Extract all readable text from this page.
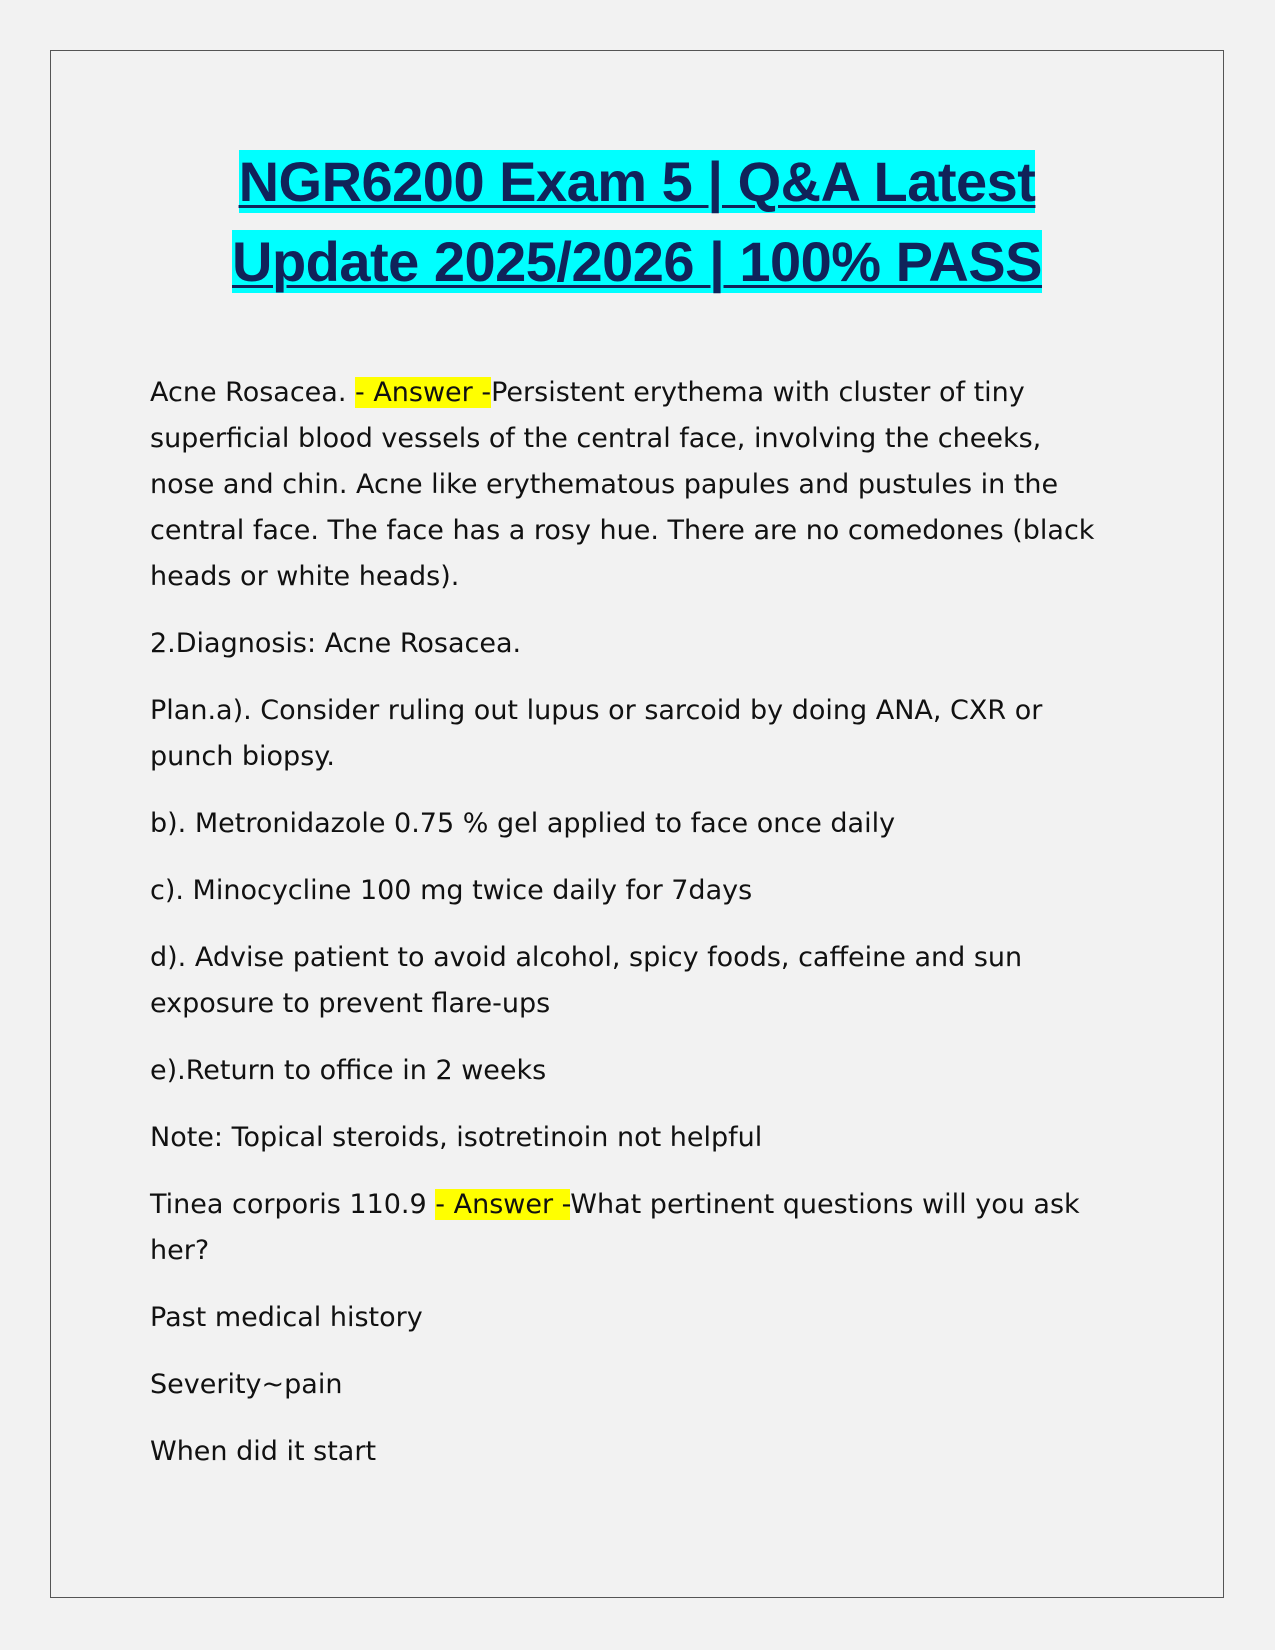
NGR6200 Exam 5 | Q&A Latest
Update 2025/2026 | 100% PASS

Acne Rosacea. - Answer -Persistent erythema with cluster of tiny superficial blood vessels of the central face, involving the cheeks, nose and chin. Acne like erythematous papules and pustules in the central face. The face has a rosy hue. There are no comedones (black heads or white heads).

2.Diagnosis: Acne Rosacea.

Plan.a). Consider ruling out lupus or sarcoid by doing ANA, CXR or punch biopsy.

b). Metronidazole 0.75 % gel applied to face once daily

c). Minocycline 100 mg twice daily for 7days

d). Advise patient to avoid alcohol, spicy foods, caffeine and sun exposure to prevent flare-ups

e).Return to office in 2 weeks

Note: Topical steroids, isotretinoin not helpful

Tinea corporis 110.9 - Answer -What pertinent questions will you ask her?

Past medical history

Severity~pain

When did it start
